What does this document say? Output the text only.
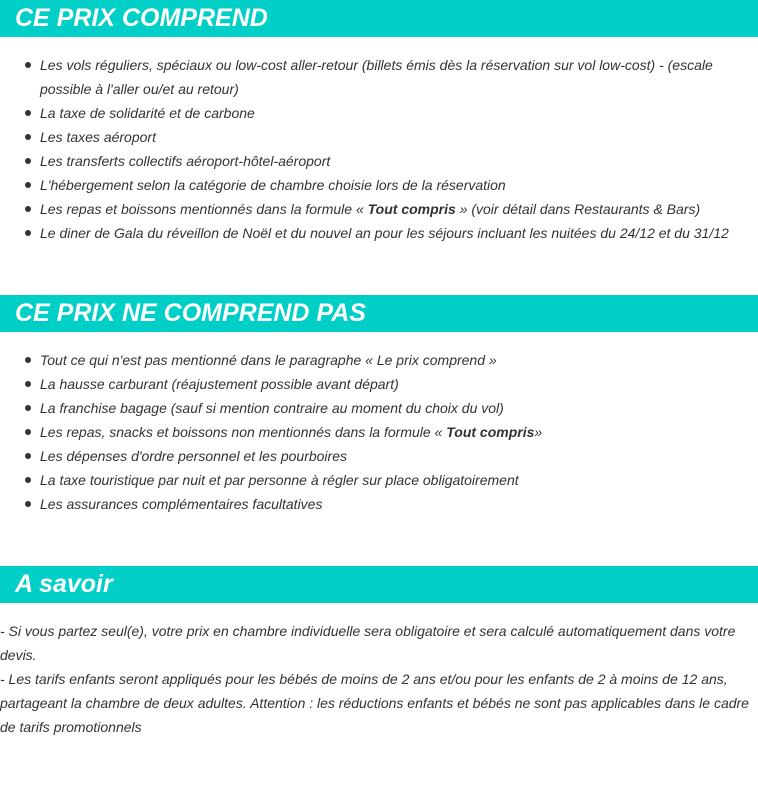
CE PRIX COMPREND
Les vols réguliers, spéciaux ou low-cost aller-retour (billets émis dès la réservation sur vol low-cost) - (escale possible à l'aller ou/et au retour)
La taxe de solidarité et de carbone
Les taxes aéroport
Les transferts collectifs aéroport-hôtel-aéroport
L'hébergement selon la catégorie de chambre choisie lors de la réservation
Les repas et boissons mentionnés dans la formule « Tout compris » (voir détail dans Restaurants & Bars)
Le diner de Gala du réveillon de Noël et du nouvel an pour les séjours incluant les nuitées du 24/12 et du 31/12
CE PRIX NE COMPREND PAS
Tout ce qui n'est pas mentionné dans le paragraphe « Le prix comprend »
La hausse carburant (réajustement possible avant départ)
La franchise bagage (sauf si mention contraire au moment du choix du vol)
Les repas, snacks et boissons non mentionnés dans la formule « Tout compris»
Les dépenses d'ordre personnel et les pourboires
La taxe touristique par nuit et par personne à régler sur place obligatoirement
Les assurances complémentaires facultatives
A savoir

- Si vous partez seul(e), votre prix en chambre individuelle sera obligatoire et sera calculé automatiquement dans votre devis.

- Les tarifs enfants seront appliqués pour les bébés de moins de 2 ans et/ou pour les enfants de 2 à moins de 12 ans, partageant la chambre de deux adultes. Attention : les réductions enfants et bébés ne sont pas applicables dans le cadre de tarifs promotionnels
